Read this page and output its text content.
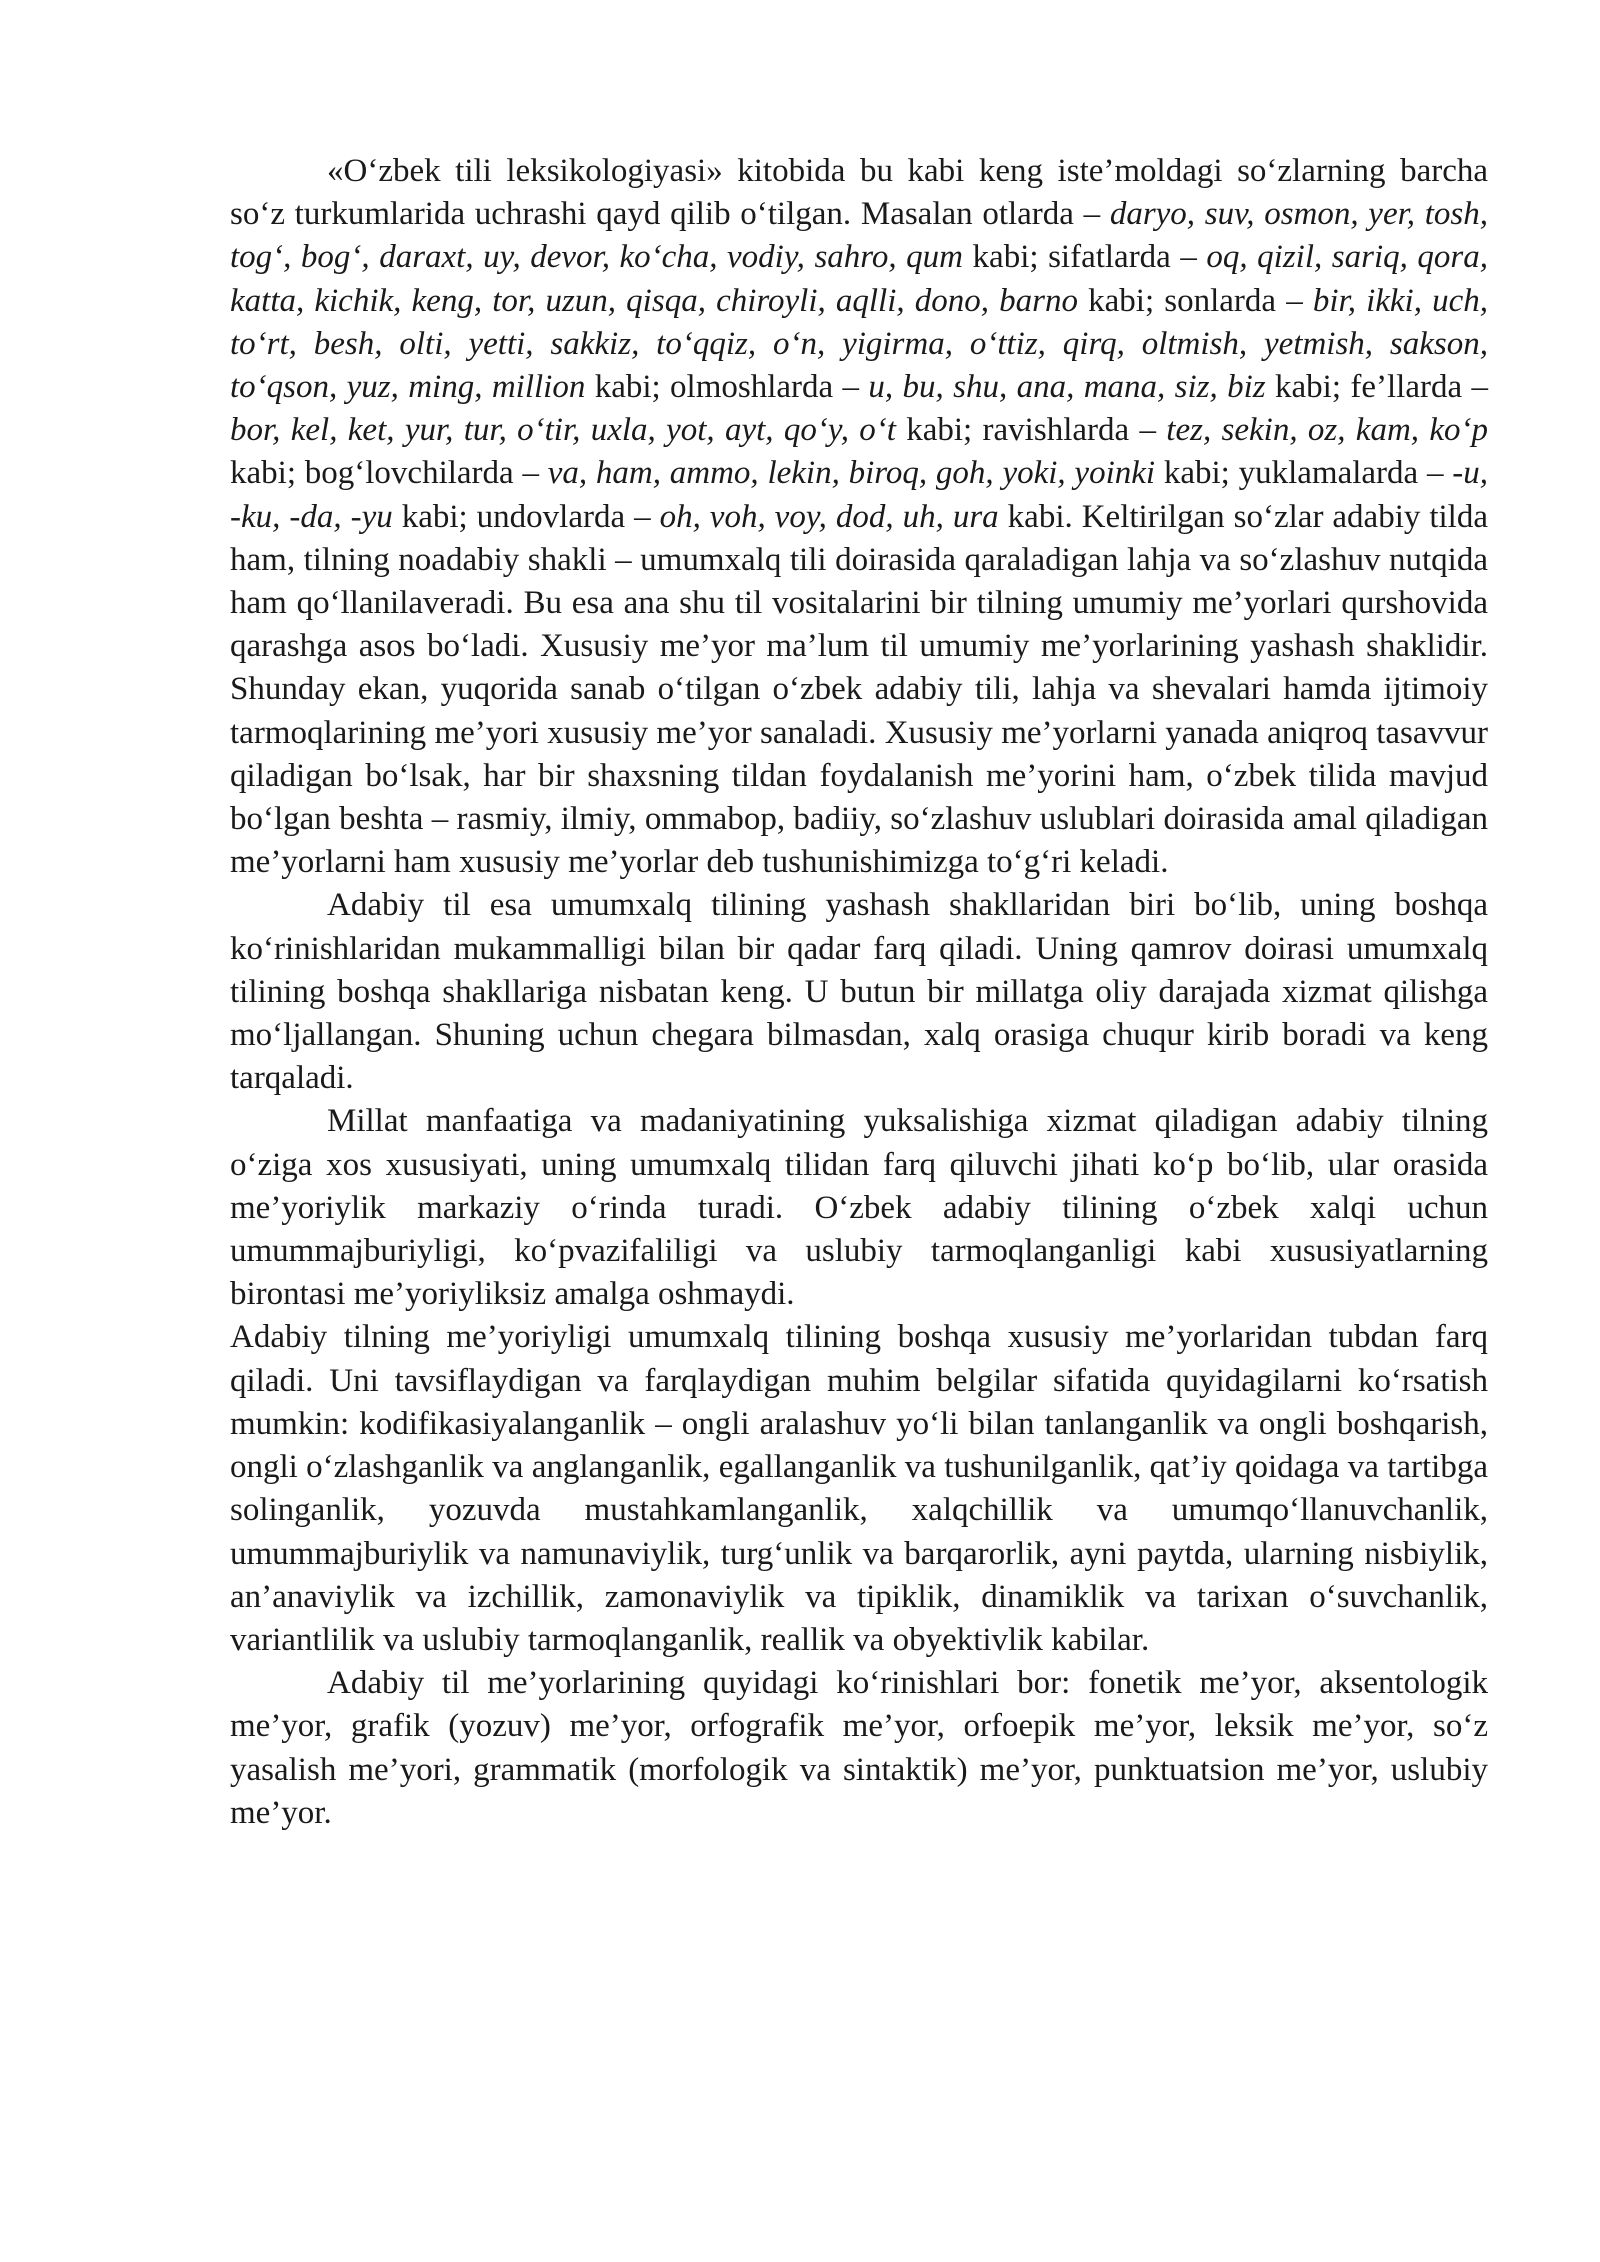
«O‘zbek tili leksikologiyasi» kitobida bu kabi keng iste’moldagi so‘zlarning barcha so‘z turkumlarida uchrashi qayd qilib o‘tilgan. Masalan otlarda – daryo, suv, osmon, yer, tosh, tog‘, bog‘, daraxt, uy, devor, ko‘cha, vodiy, sahro, qum kabi; sifatlarda – oq, qizil, sariq, qora, katta, kichik, keng, tor, uzun, qisqa, chiroyli, aqlli, dono, barno kabi; sonlarda – bir, ikki, uch, to‘rt, besh, olti, yetti, sakkiz, to‘qqiz, o‘n, yigirma, o‘ttiz, qirq, oltmish, yetmish, sakson, to‘qson, yuz, ming, million kabi; olmoshlarda – u, bu, shu, ana, mana, siz, biz kabi; fe’llarda – bor, kel, ket, yur, tur, o‘tir, uxla, yot, ayt, qo‘y, o‘t kabi; ravishlarda – tez, sekin, oz, kam, ko‘p kabi; bog‘lovchilarda – va, ham, ammo, lekin, biroq, goh, yoki, yoinki kabi; yuklamalarda – -u, -ku, -da, -yu kabi; undovlarda – oh, voh, voy, dod, uh, ura kabi. Keltirilgan so‘zlar adabiy tilda ham, tilning noadabiy shakli – umumxalq tili doirasida qaraladigan lahja va so‘zlashuv nutqida ham qo‘llanilaveradi. Bu esa ana shu til vositalarini bir tilning umumiy me’yorlari qurshovida qarashga asos bo‘ladi. Xususiy me’yor ma’lum til umumiy me’yorlarining yashash shaklidir. Shunday ekan, yuqorida sanab o‘tilgan o‘zbek adabiy tili, lahja va shevalari hamda ijtimoiy tarmoqlarining me’yori xususiy me’yor sanaladi. Xususiy me’yorlarni yanada aniqroq tasavvur qiladigan bo‘lsak, har bir shaxsning tildan foydalanish me’yorini ham, o‘zbek tilida mavjud bo‘lgan beshta – rasmiy, ilmiy, ommabop, badiiy, so‘zlashuv uslublari doirasida amal qiladigan me’yorlarni ham xususiy me’yorlar deb tushunishimizga to‘g‘ri keladi.

Adabiy til esa umumxalq tilining yashash shakllaridan biri bo‘lib, uning boshqa ko‘rinishlaridan mukammalligi bilan bir qadar farq qiladi. Uning qamrov doirasi umumxalq tilining boshqa shakllariga nisbatan keng. U butun bir millatga oliy darajada xizmat qilishga mo‘ljallangan. Shuning uchun chegara bilmasdan, xalq orasiga chuqur kirib boradi va keng tarqaladi.

Millat manfaatiga va madaniyatining yuksalishiga xizmat qiladigan adabiy tilning o‘ziga xos xususiyati, uning umumxalq tilidan farq qiluvchi jihati ko‘p bo‘lib, ular orasida me’yoriylik markaziy o‘rinda turadi. O‘zbek adabiy tilining o‘zbek xalqi uchun umummajburiyligi, ko‘pvazifaliligi va uslubiy tarmoqlanganligi kabi xususiyatlarning birontasi me’yoriyliksiz amalga oshmaydi.

Adabiy tilning me’yoriyligi umumxalq tilining boshqa xususiy me’yorlaridan tubdan farq qiladi. Uni tavsiflaydigan va farqlaydigan muhim belgilar sifatida quyidagilarni ko‘rsatish mumkin: kodifikasiyalanganlik – ongli aralashuv yo‘li bilan tanlanganlik va ongli boshqarish, ongli o‘zlashganlik va anglanganlik, egallanganlik va tushunilganlik, qat’iy qoidaga va tartibga solinganlik, yozuvda mustahkamlanganlik, xalqchillik va umumqo‘llanuvchanlik, umummajburiylik va namunaviylik, turg‘unlik va barqarorlik, ayni paytda, ularning nisbiylik, an’anaviylik va izchillik, zamonaviylik va tipiklik, dinamiklik va tarixan o‘suvchanlik, variantlilik va uslubiy tarmoqlanganlik, reallik va obyektivlik kabilar.

Adabiy til me’yorlarining quyidagi ko‘rinishlari bor: fonetik me’yor, aksentologik me’yor, grafik (yozuv) me’yor, orfografik me’yor, orfoepik me’yor, leksik me’yor, so‘z yasalish me’yori, grammatik (morfologik va sintaktik) me’yor, punktuatsion me’yor, uslubiy me’yor.
